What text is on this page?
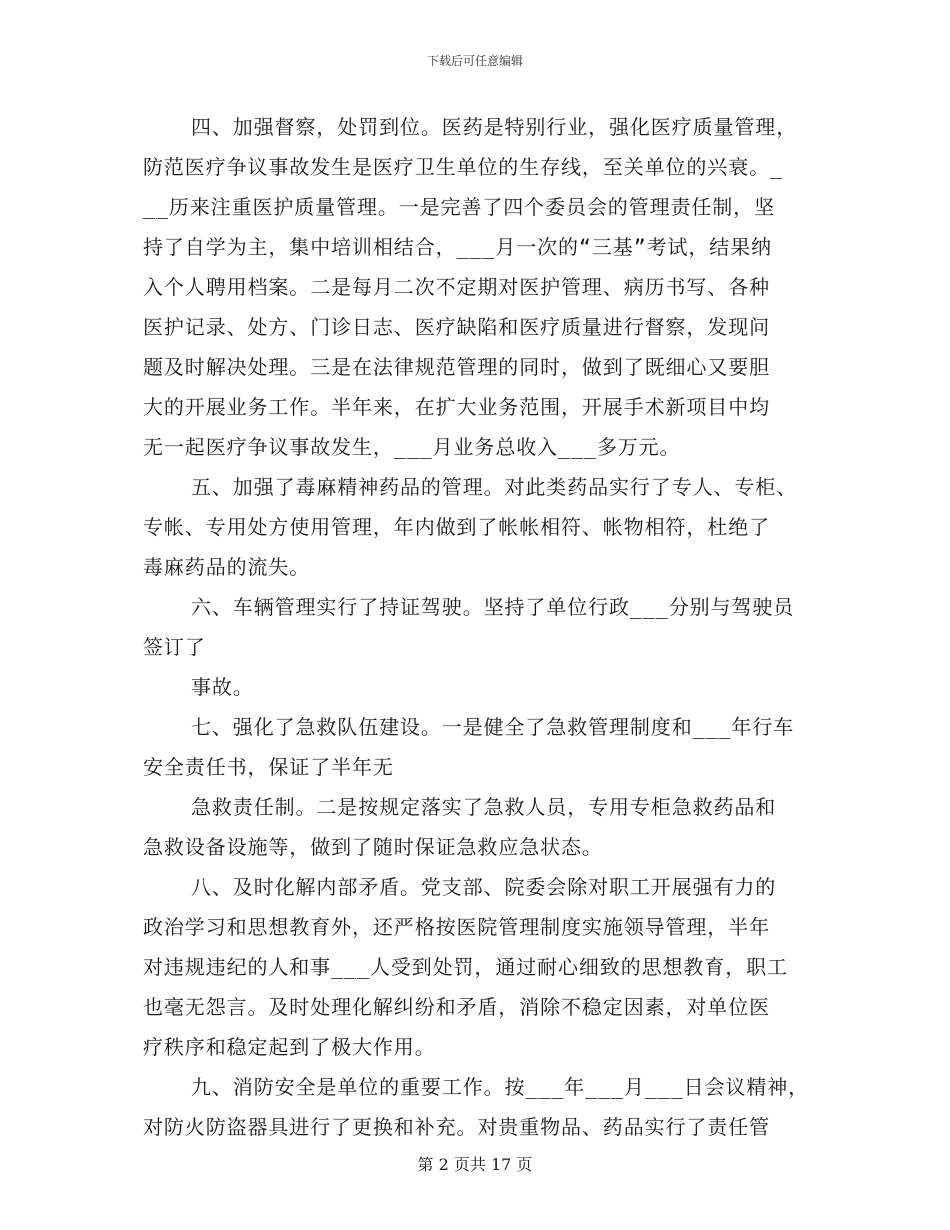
下载后可任意编辑
四、加强督察，处罚到位。医药是特别行业，强化医疗质量管理，
防范医疗争议事故发生是医疗卫生单位的生存线，至关单位的兴衰。_
__历来注重医护质量管理。一是完善了四个委员会的管理责任制，坚
持了自学为主，集中培训相结合，___月一次的“三基”考试，结果纳
入个人聘用档案。二是每月二次不定期对医护管理、病历书写、各种
医护记录、处方、门诊日志、医疗缺陷和医疗质量进行督察，发现问
题及时解决处理。三是在法律规范管理的同时，做到了既细心又要胆
大的开展业务工作。半年来，在扩大业务范围，开展手术新项目中均
无一起医疗争议事故发生，___月业务总收入___多万元。
五、加强了毒麻精神药品的管理。对此类药品实行了专人、专柜、
专帐、专用处方使用管理，年内做到了帐帐相符、帐物相符，杜绝了
毒麻药品的流失。
六、车辆管理实行了持证驾驶。坚持了单位行政___分别与驾驶员
签订了
事故。
七、强化了急救队伍建设。一是健全了急救管理制度和___年行车
安全责任书，保证了半年无
急救责任制。二是按规定落实了急救人员，专用专柜急救药品和
急救设备设施等，做到了随时保证急救应急状态。
八、及时化解内部矛盾。党支部、院委会除对职工开展强有力的
政治学习和思想教育外，还严格按医院管理制度实施领导管理，半年
对违规违纪的人和事___人受到处罚，通过耐心细致的思想教育，职工
也毫无怨言。及时处理化解纠纷和矛盾，消除不稳定因素，对单位医
疗秩序和稳定起到了极大作用。
九、消防安全是单位的重要工作。按___年___月___日会议精神，
对防火防盗器具进行了更换和补充。对贵重物品、药品实行了责任管
第 2 页共 17 页
